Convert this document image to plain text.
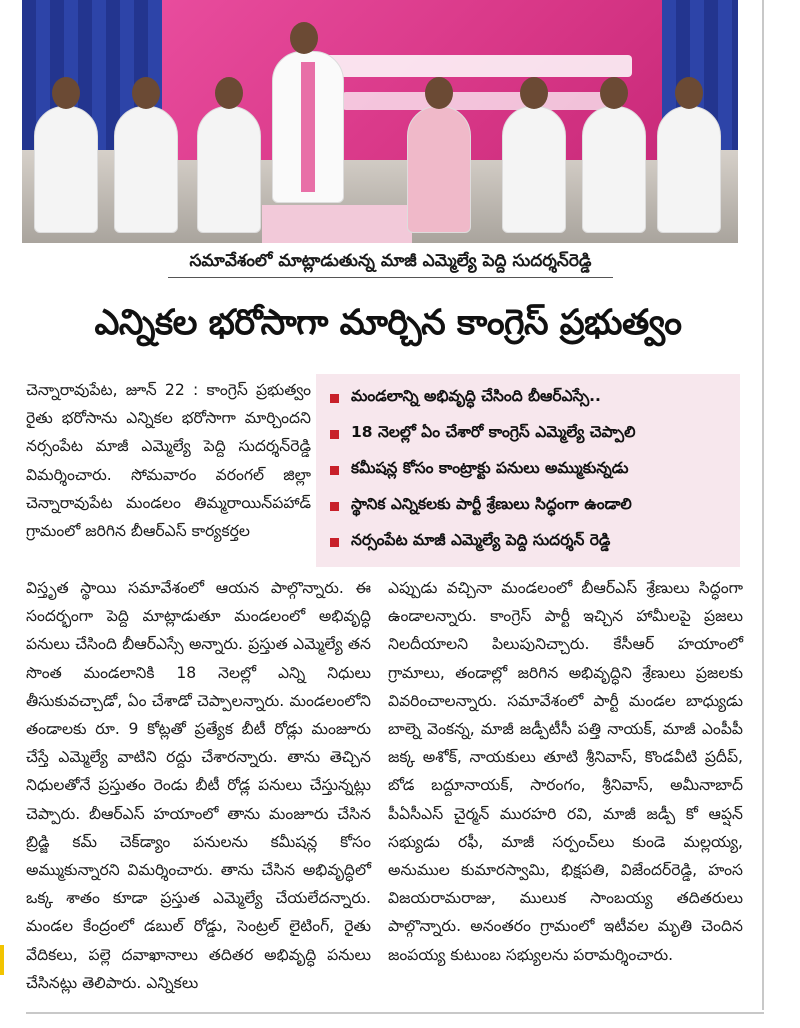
సమావేశంలో మాట్లాడుతున్న మాజీ ఎమ్మెల్యే పెద్ది సుదర్శన్‌రెడ్డి
ఎన్నికల భరోసాగా మార్చిన కాంగ్రెస్ ప్రభుత్వం

చెన్నారావుపేట, జూన్ 22 : కాంగ్రెస్ ప్రభుత్వం రైతు భరోసాను ఎన్నికల భరోసాగా మార్చిందని నర్సంపేట మాజీ ఎమ్మెల్యే పెద్ది సుదర్శన్‌రెడ్డి విమర్శించారు. సోమవారం వరంగల్ జిల్లా చెన్నారావుపేట మండలం తిమ్మరాయిన్‌పహాడ్ గ్రామంలో జరిగిన బీఆర్ఎస్ కార్యకర్తల

మండలాన్ని అభివృద్ధి చేసింది బీఆర్ఎస్సే..
18 నెలల్లో ఏం చేశారో కాంగ్రెస్ ఎమ్మెల్యే చెప్పాలి
కమీషన్ల కోసం కాంట్రాక్టు పనులు అమ్ముకున్నడు
స్థానిక ఎన్నికలకు పార్టీ శ్రేణులు సిద్ధంగా ఉండాలి
నర్సంపేట మాజీ ఎమ్మెల్యే పెద్ది సుదర్శన్ రెడ్డి

విస్తృత స్థాయి సమావేశంలో ఆయన పాల్గొన్నారు. ఈ సందర్భంగా పెద్ది మాట్లాడుతూ మండలంలో అభివృద్ధి పనులు చేసింది బీఆర్ఎస్సే అన్నారు. ప్రస్తుత ఎమ్మెల్యే తన సొంత మండలానికి 18 నెలల్లో ఎన్ని నిధులు తీసుకువచ్చాడో, ఏం చేశాడో చెప్పాలన్నారు. మండలంలోని తండాలకు రూ. 9 కోట్లతో ప్రత్యేక బీటీ రోడ్లు మంజూరు చేస్తే ఎమ్మెల్యే వాటిని రద్దు చేశారన్నారు. తాను తెచ్చిన నిధులతోనే ప్రస్తుతం రెండు బీటీ రోడ్ల పనులు చేస్తున్నట్లు చెప్పారు. బీఆర్ఎస్ హయాంలో తాను మంజూరు చేసిన బ్రిడ్జి కమ్ చెక్‌డ్యాం పనులను కమీషన్ల కోసం అమ్ముకున్నారని విమర్శించారు. తాను చేసిన అభివృద్ధిలో ఒక్క శాతం కూడా ప్రస్తుత ఎమ్మెల్యే చేయలేదన్నారు. మండల కేంద్రంలో డబుల్ రోడ్డు, సెంట్రల్ లైటింగ్, రైతు వేదికలు, పల్లె దవాఖానాలు తదితర అభివృద్ధి పనులు చేసినట్లు తెలిపారు. ఎన్నికలు

ఎప్పుడు వచ్చినా మండలంలో బీఆర్ఎస్ శ్రేణులు సిద్ధంగా ఉండాలన్నారు. కాంగ్రెస్ పార్టీ ఇచ్చిన హామీలపై ప్రజలు నిలదీయాలని పిలుపునిచ్చారు. కేసీఆర్ హయాంలో గ్రామాలు, తండాల్లో జరిగిన అభివృద్ధిని శ్రేణులు ప్రజలకు వివరించాలన్నారు. సమావేశంలో పార్టీ మండల బాధ్యుడు బాల్నె వెంకన్న, మాజీ జడ్పీటీసీ పత్తి నాయక్, మాజీ ఎంపీపీ జక్క అశోక్, నాయకులు తూటి శ్రీనివాస్, కొండవీటి ప్రదీప్, బోడ బద్దూనాయక్, సారంగం, శ్రీనివాస్, అమీనాబాద్ పీఏసీఎస్ చైర్మన్ మురహరి రవి, మాజీ జడ్పీ కో ఆప్షన్ సభ్యుడు రఫీ, మాజీ సర్పంచ్‌లు కుండె మల్లయ్య, అనుముల కుమారస్వామి, భిక్షపతి, విజేందర్‌రెడ్డి, హంస విజయరామరాజు, ములుక సాంబయ్య తదితరులు పాల్గొన్నారు. అనంతరం గ్రామంలో ఇటీవల మృతి చెందిన జంపయ్య కుటుంబ సభ్యులను పరామర్శించారు.
